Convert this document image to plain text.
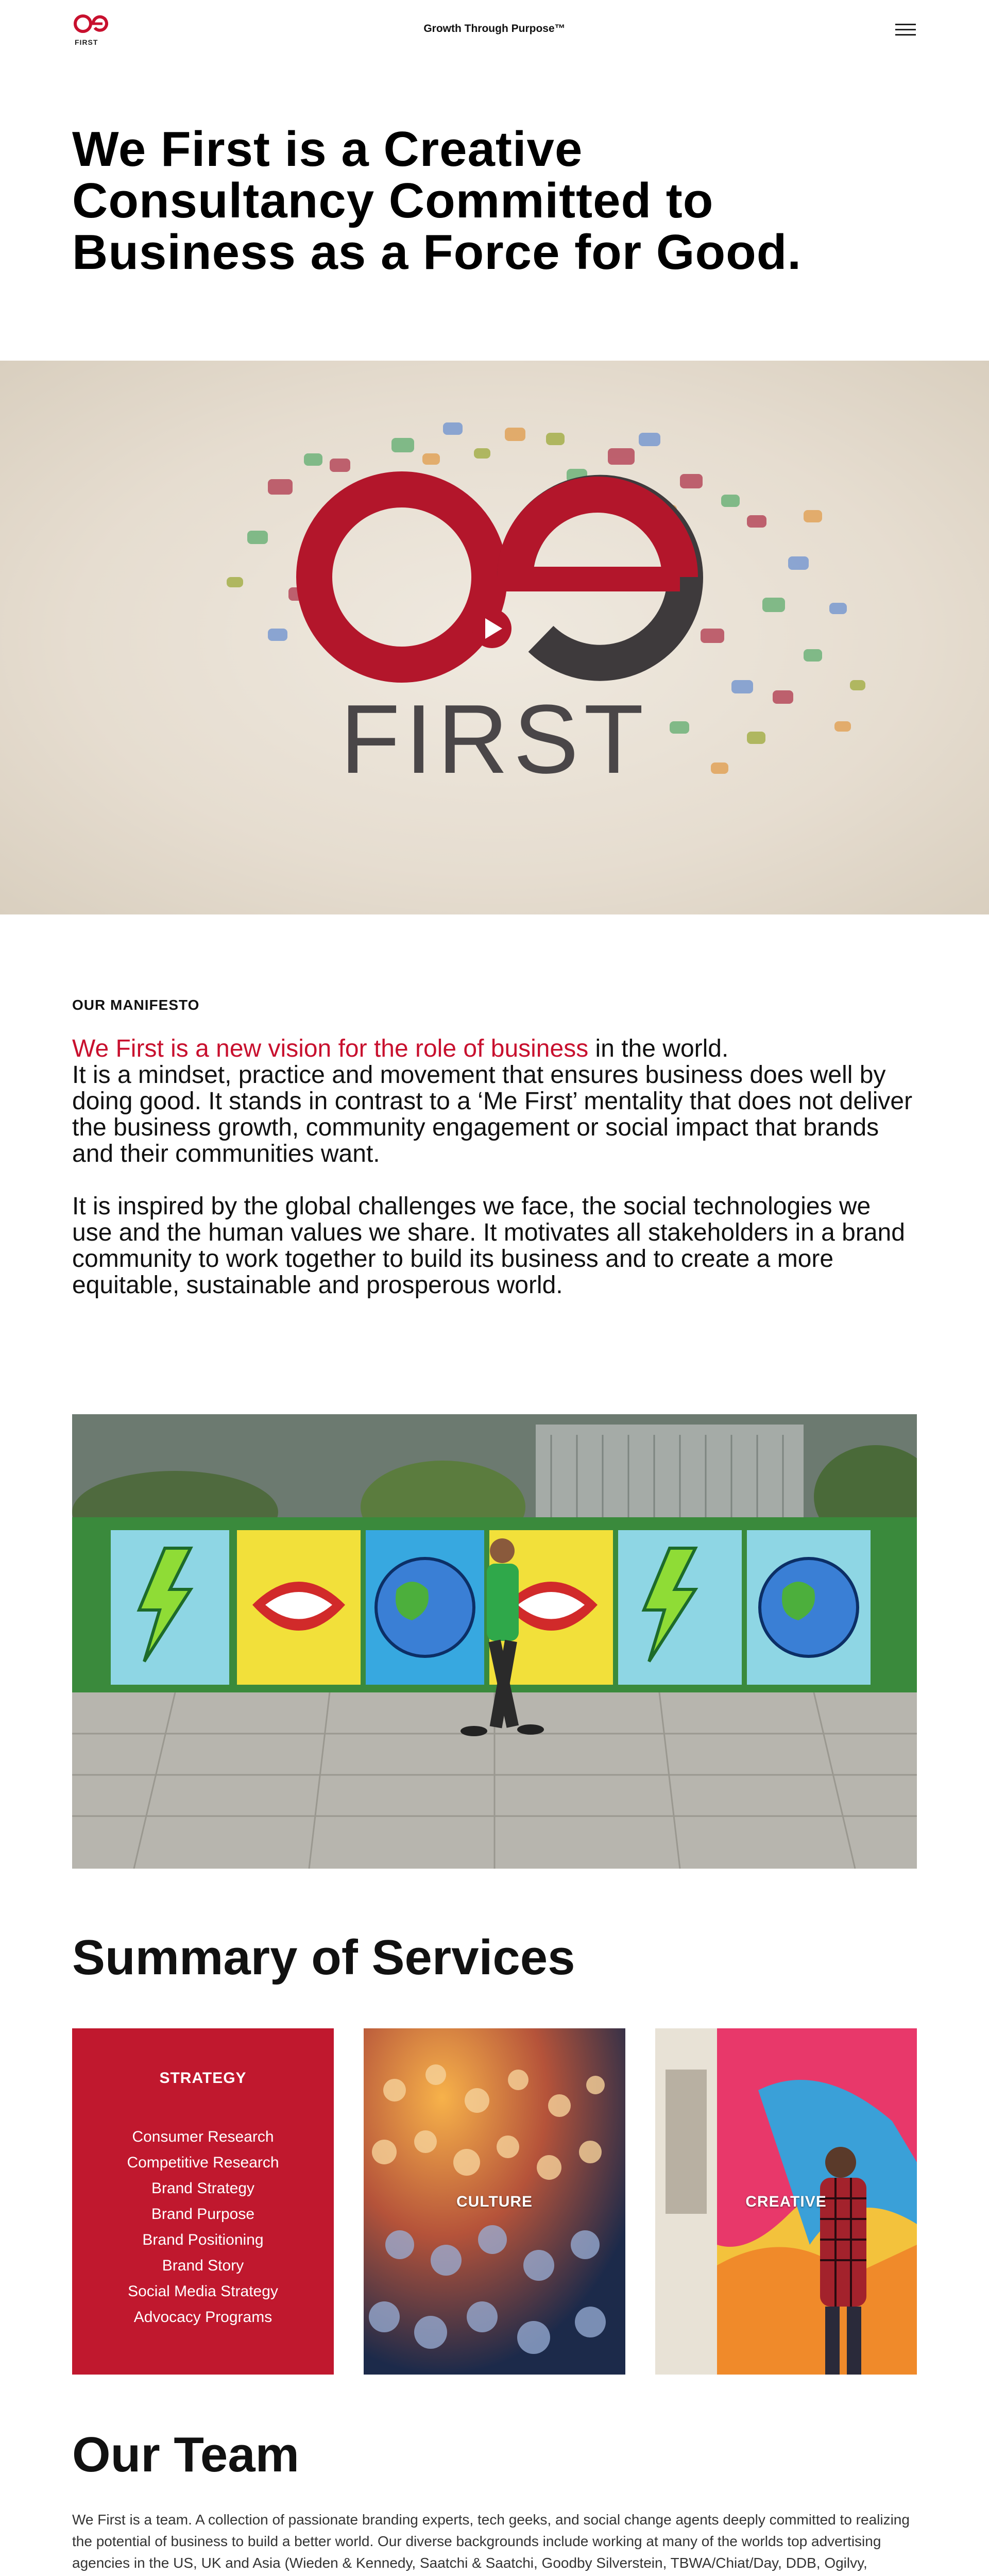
FIRST
Growth Through Purpose™
We First is a Creative Consultancy Committed to Business as a Force for Good.
FIRST
OUR MANIFESTO

We First is a new vision for the role of business in the world.
It is a mindset, practice and movement that ensures business does well by doing good. It stands in contrast to a ‘Me First’ mentality that does not deliver the business growth, community engagement or social impact that brands and their communities want.

It is inspired by the global challenges we face, the social technologies we use and the human values we share. It motivates all stakeholders in a brand community to work together to build its business and to create a more equitable, sustainable and prosperous world.

Summary of Services
STRATEGY
Consumer Research
Competitive Research
Brand Strategy
Brand Purpose
Brand Positioning
Brand Story
Social Media Strategy
Advocacy Programs
CULTURE	CREATIVE
Our Team

We First is a team. A collection of passionate branding experts, tech geeks, and social change agents deeply committed to realizing the potential of business to build a better world. Our diverse backgrounds include working at many of the worlds top advertising agencies in the US, UK and Asia (Wieden & Kennedy, Saatchi & Saatchi, Goodby Silverstein, TBWA/Chiat/Day, DDB, Ogilvy,
